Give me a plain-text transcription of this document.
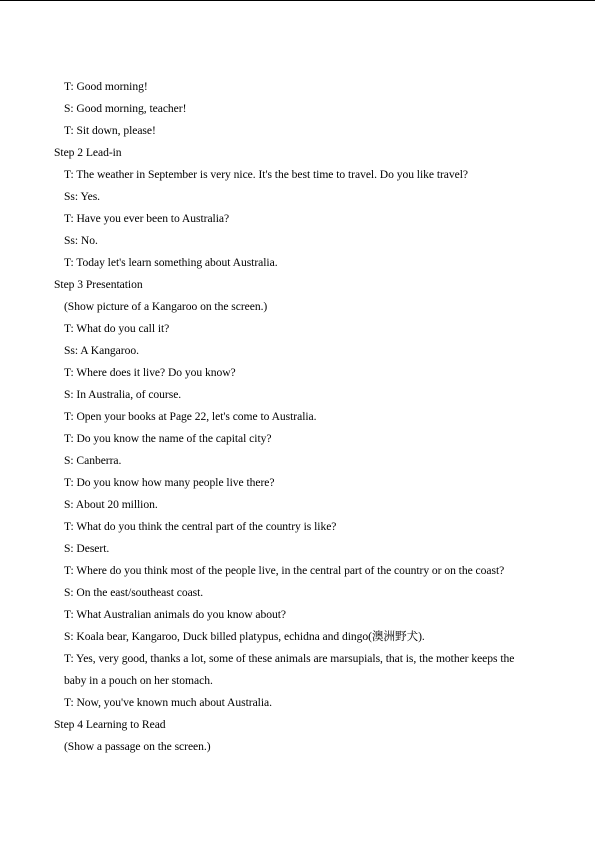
T: Good morning!
S: Good morning, teacher!
T: Sit down, please!
Step 2 Lead-in
T: The weather in September is very nice. It's the best time to travel. Do you like travel?
Ss: Yes.
T: Have you ever been to Australia?
Ss: No.
T: Today let's learn something about Australia.
Step 3 Presentation
(Show picture of a Kangaroo on the screen.)
T: What do you call it?
Ss: A Kangaroo.
T: Where does it live? Do you know?
S: In Australia, of course.
T: Open your books at Page 22, let's come to Australia.
T: Do you know the name of the capital city?
S: Canberra.
T: Do you know how many people live there?
S: About 20 million.
T: What do you think the central part of the country is like?
S: Desert.
T: Where do you think most of the people live, in the central part of the country or on the coast?
S: On the east/southeast coast.
T: What Australian animals do you know about?
S: Koala bear, Kangaroo, Duck billed platypus, echidna and dingo(澳洲野犬).
T: Yes, very good, thanks a lot, some of these animals are marsupials, that is, the mother keeps the
baby in a pouch on her stomach.
T: Now, you've known much about Australia.
Step 4 Learning to Read
(Show a passage on the screen.)
